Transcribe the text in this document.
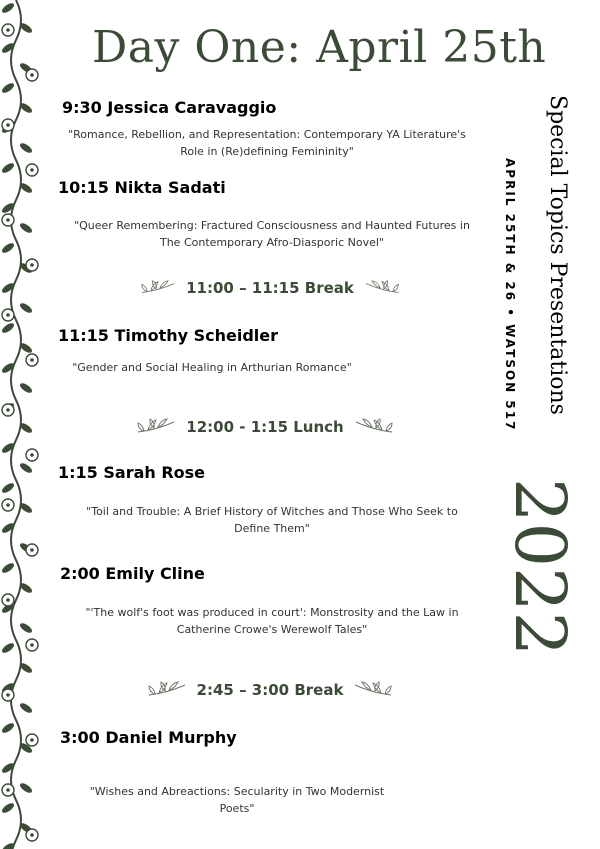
Day One: April 25th
9:30 Jessica Caravaggio
"Romance, Rebellion, and Representation: Contemporary YA Literature's Role in (Re)defining Femininity"
10:15 Nikta Sadati
"Queer Remembering: Fractured Consciousness and Haunted Futures in The Contemporary Afro-Diasporic Novel"
11:00 – 11:15 Break
11:15 Timothy Scheidler
"Gender and Social Healing in Arthurian Romance"
12:00 - 1:15 Lunch
1:15 Sarah Rose
"Toil and Trouble: A Brief History of Witches and Those Who Seek to Define Them"
2:00 Emily Cline
"'The wolf's foot was produced in court': Monstrosity and the Law in Catherine Crowe's Werewolf Tales"
2:45 – 3:00 Break
3:00 Daniel Murphy
"Wishes and Abreactions: Secularity in Two Modernist Poets"
Special Topics Presentations
APRIL 25TH & 26 • WATSON 517
2022
